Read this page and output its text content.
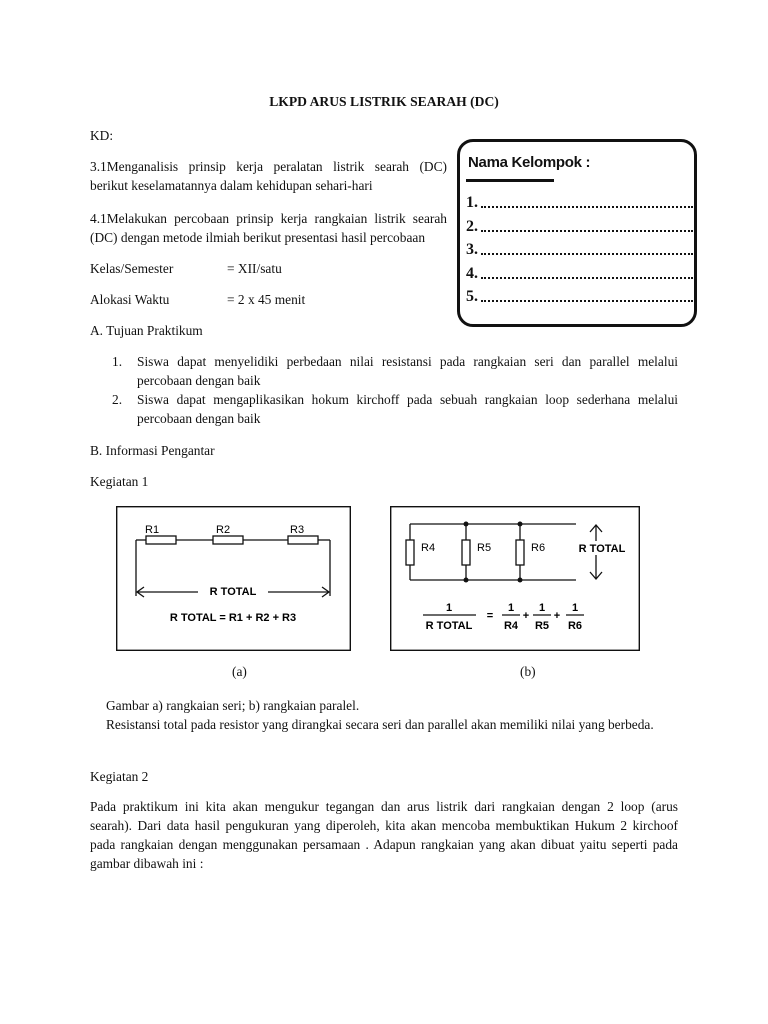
LKPD ARUS LISTRIK SEARAH (DC)
KD:
3.1Menganalisis prinsip kerja peralatan listrik searah (DC)
berikut keselamatannya dalam kehidupan sehari-hari
4.1Melakukan percobaan prinsip kerja rangkaian listrik searah
(DC) dengan metode ilmiah berikut presentasi hasil percobaan
Kelas/Semester	= XII/satu
Alokasi Waktu	= 2 x 45 menit
Nama Kelompok :
1.
2.
3.
4.
5.
A. Tujuan Praktikum
1. Siswa dapat menyelidiki perbedaan nilai resistansi pada rangkaian seri dan parallel melalui
percobaan dengan baik
2. Siswa dapat mengaplikasikan hokum kirchoff pada sebuah rangkaian loop sederhana melalui
percobaan dengan baik
B. Informasi Pengantar
Kegiatan 1
R1	R2	R3
R TOTAL
R TOTAL = R1 + R2 + R3
R4	R5	R6	R TOTAL
1
R TOTAL
=
1
R4
+
1
R5
+
1
R6
(a)	(b)
Gambar a) rangkaian seri; b) rangkaian paralel.
Resistansi total pada resistor yang dirangkai secara seri dan parallel akan memiliki nilai yang berbeda.
Kegiatan 2
Pada praktikum ini kita akan mengukur tegangan dan arus listrik dari rangkaian dengan 2 loop (arus
searah). Dari data hasil pengukuran yang diperoleh, kita akan mencoba membuktikan Hukum 2 kirchoof
pada rangkaian dengan menggunakan persamaan . Adapun rangkaian yang akan dibuat yaitu seperti pada
gambar dibawah ini :
